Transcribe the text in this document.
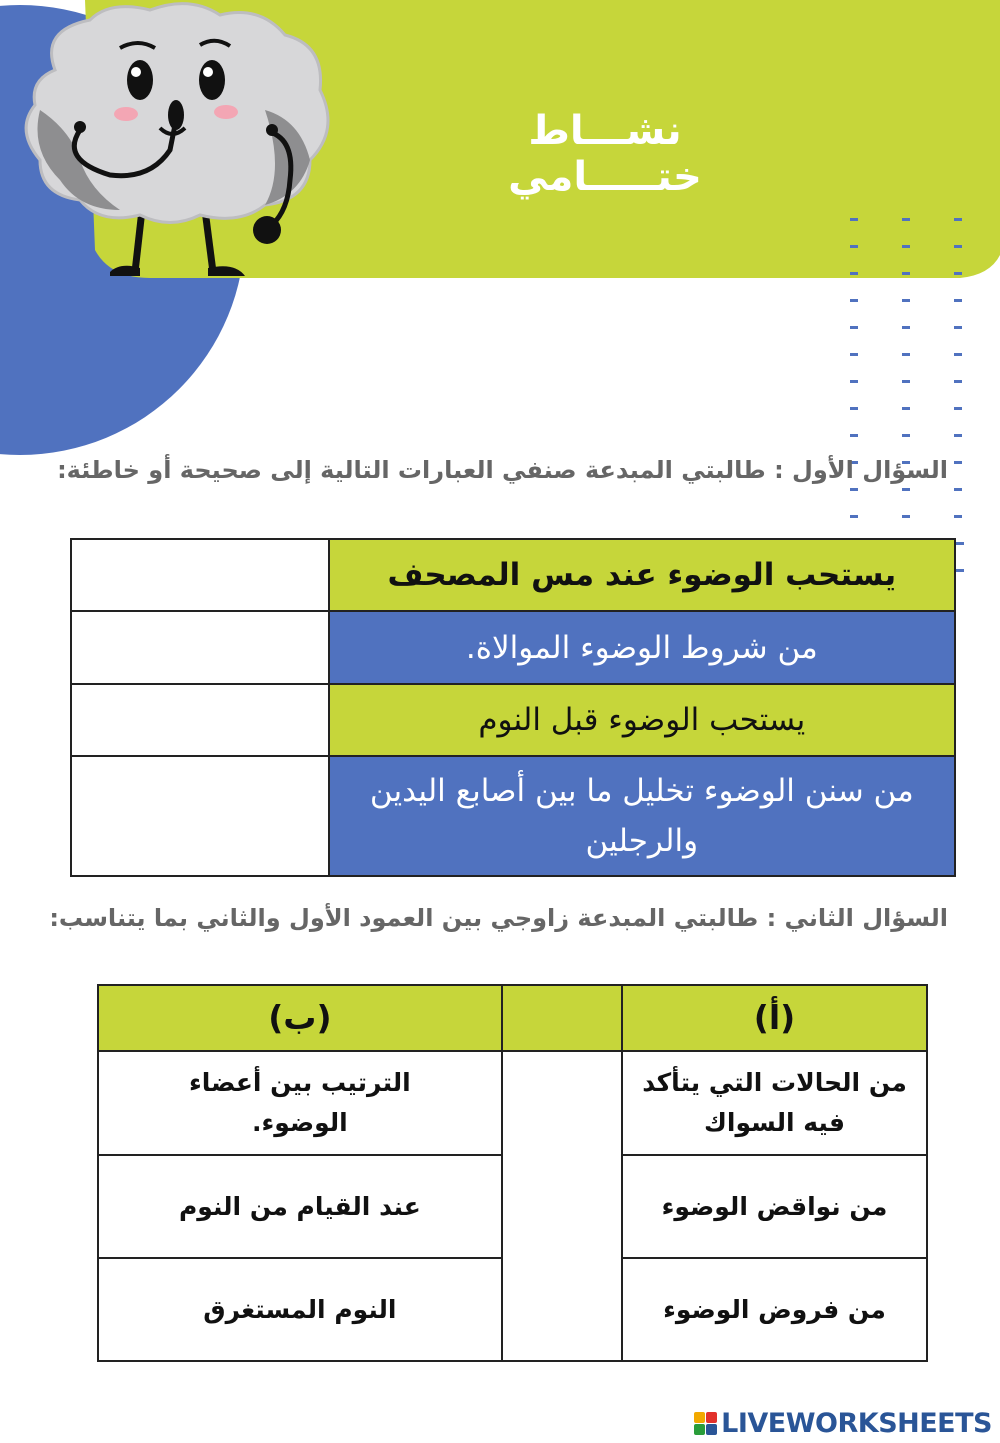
نشـــاط ختـــــامي
السؤال الأول : طالبتي المبدعة صنفي العبارات التالية إلى صحيحة أو خاطئة:
	يستحب الوضوء عند مس المصحف
	من شروط الوضوء الموالاة.
	يستحب الوضوء قبل النوم
	من سنن الوضوء تخليل ما بين أصابع اليدين والرجلين
السؤال الثاني : طالبتي المبدعة زاوجي بين العمود الأول والثاني بما يتناسب:
(ب)		(أ)
الترتيب بين أعضاء الوضوء.		من الحالات التي يتأكد فيه السواك
عند القيام من النوم		من نواقض الوضوء
النوم المستغرق		من فروض الوضوء
LIVEWORKSHEETS
